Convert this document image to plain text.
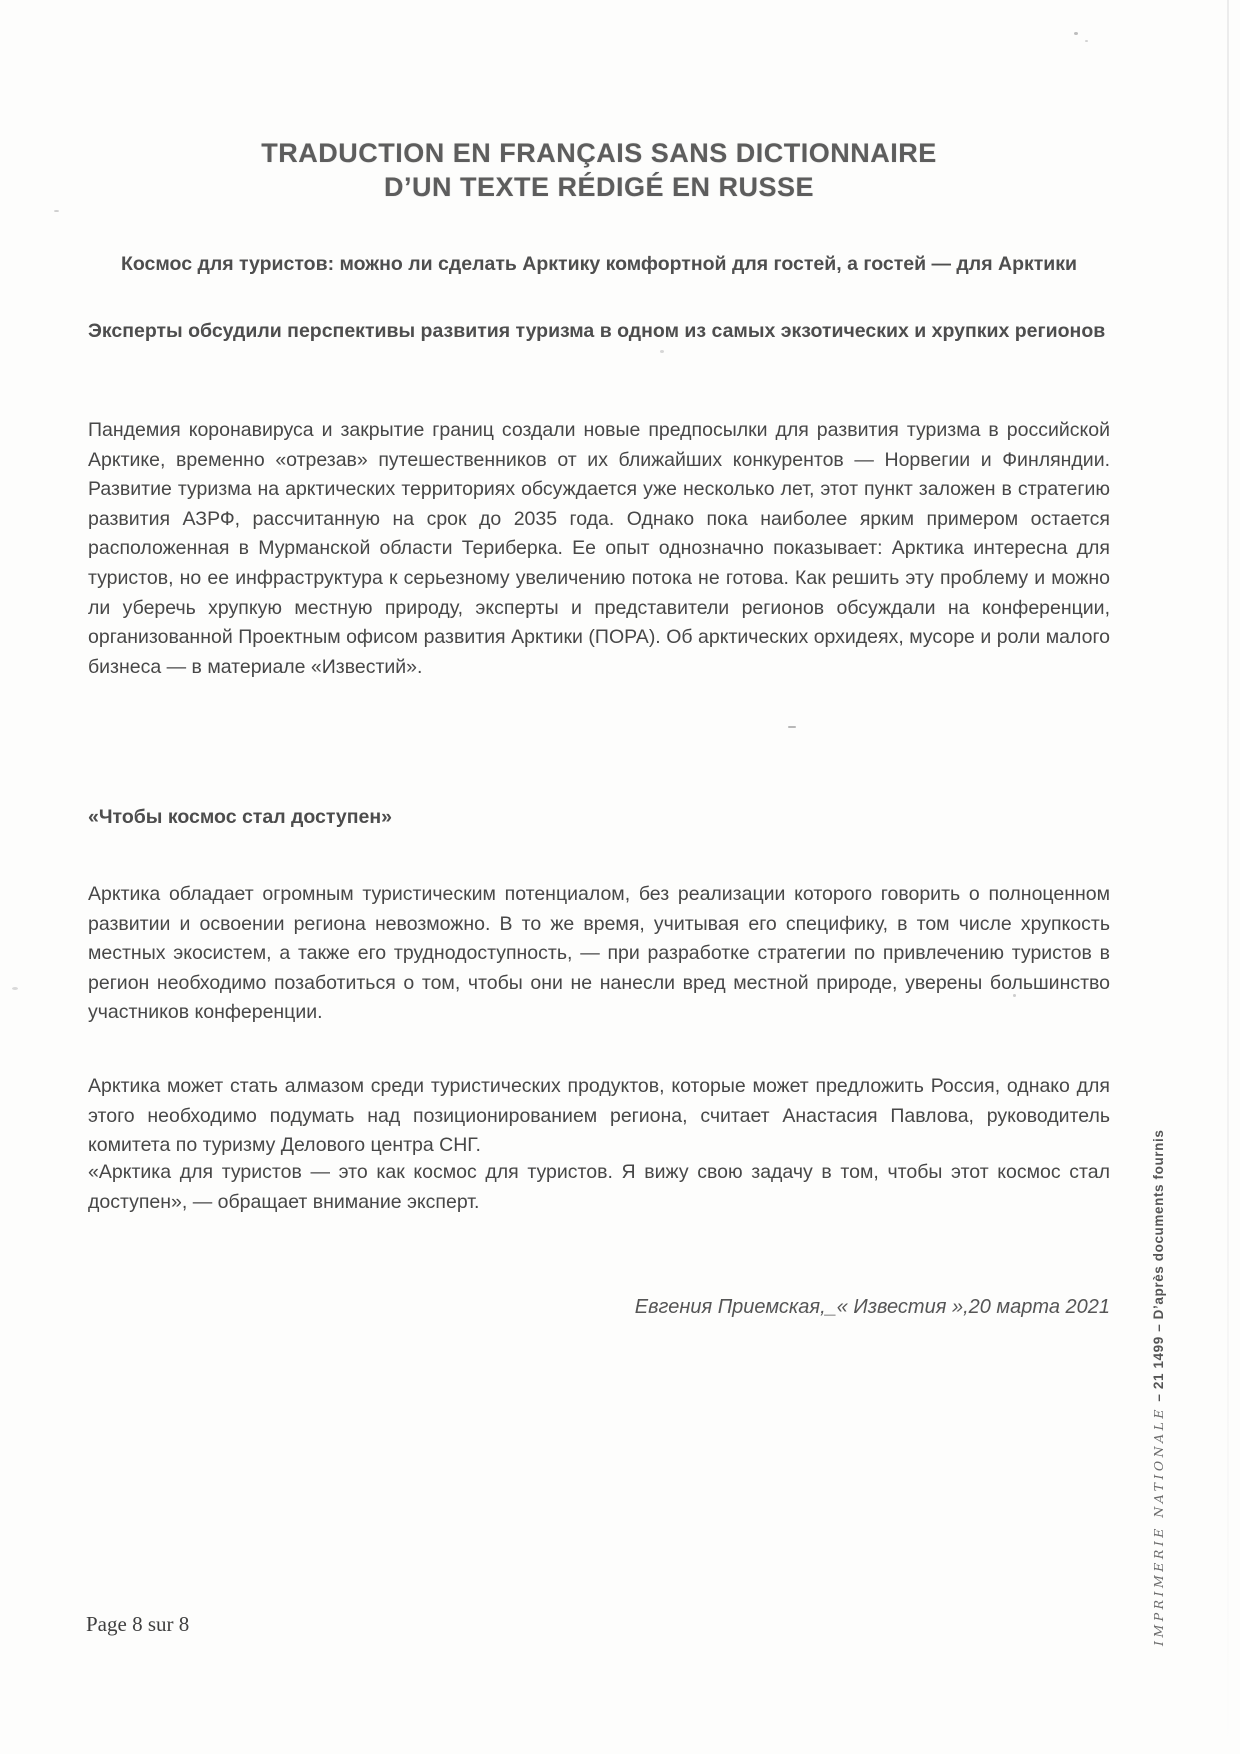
TRADUCTION EN FRANÇAIS SANS DICTIONNAIRE
D’UN TEXTE RÉDIGÉ EN RUSSE
Космос для туристов: можно ли сделать Арктику комфортной для гостей, а гостей — для Арктики
Эксперты обсудили перспективы развития туризма в одном из самых экзотических и хрупких регионов
Пандемия коронавируса и закрытие границ создали новые предпосылки для развития туризма в российской Арктике, временно «отрезав» путешественников от их ближайших конкурентов — Норвегии и Финляндии. Развитие туризма на арктических территориях обсуждается уже несколько лет, этот пункт заложен в стратегию развития АЗРФ, рассчитанную на срок до 2035 года. Однако пока наиболее ярким примером остается расположенная в Мурманской области Териберка. Ее опыт однозначно показывает: Арктика интересна для туристов, но ее инфраструктура к серьезному увеличению потока не готова. Как решить эту проблему и можно ли уберечь хрупкую местную природу, эксперты и представители регионов обсуждали на конференции, организованной Проектным офисом развития Арктики (ПОРА). Об арктических орхидеях, мусоре и роли малого бизнеса — в материале «Известий».
«Чтобы космос стал доступен»
Арктика обладает огромным туристическим потенциалом, без реализации которого говорить о полноценном развитии и освоении региона невозможно. В то же время, учитывая его специфику, в том числе хрупкость местных экосистем, а также его труднодоступность, — при разработке стратегии по привлечению туристов в регион необходимо позаботиться о том, чтобы они не нанесли вред местной природе, уверены большинство участников конференции.
Арктика может стать алмазом среди туристических продуктов, которые может предложить Россия, однако для этого необходимо подумать над позиционированием региона, считает Анастасия Павлова, руководитель комитета по туризму Делового центра СНГ.
«Арктика для туристов — это как космос для туристов. Я вижу свою задачу в том, чтобы этот космос стал доступен», — обращает внимание эксперт.
Евгения Приемская,_« Известия »,20 марта 2021
IMPRIMERIE NATIONALE – 21 1499 – D’après documents fournis
Page 8 sur 8
